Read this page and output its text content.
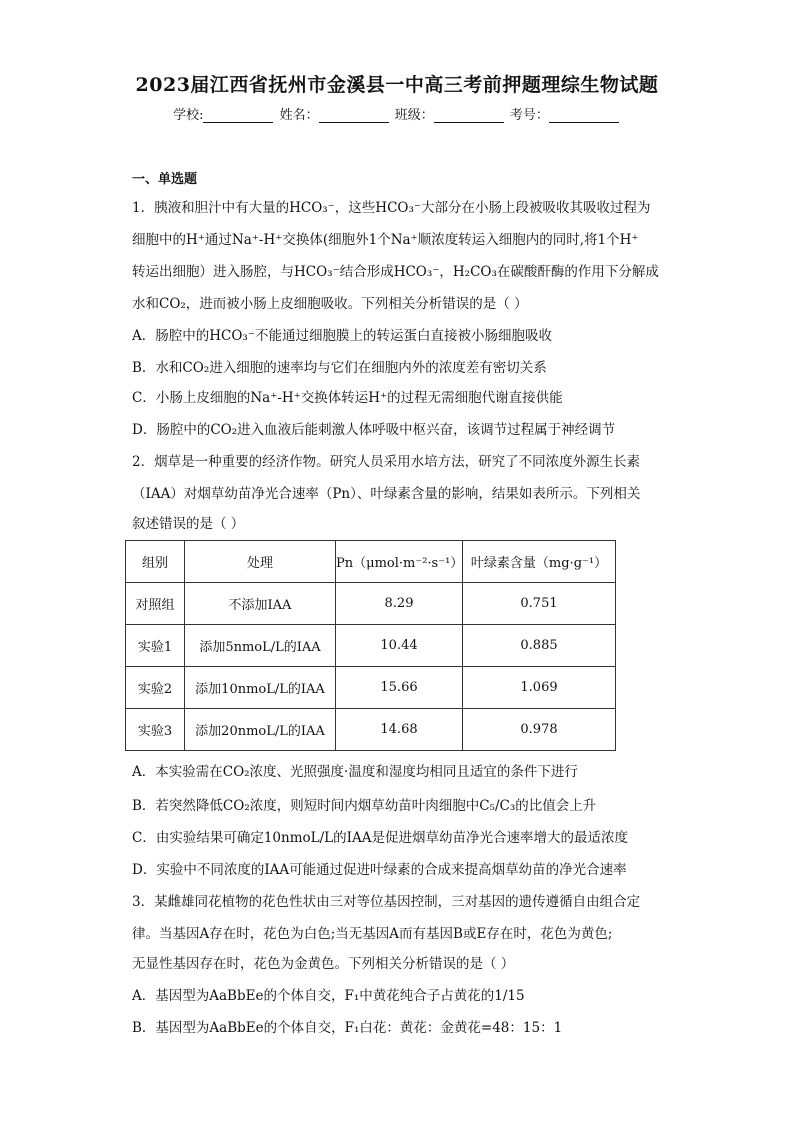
2023届江西省抚州市金溪县一中高三考前押题理综生物试题
学校:	姓名：	班级：	考号：
一、单选题
1．胰液和胆汁中有大量的HCO₃⁻，这些HCO₃⁻大部分在小肠上段被吸收其吸收过程为
细胞中的H⁺通过Na⁺-H⁺交换体(细胞外1个Na⁺顺浓度转运入细胞内的同时,将1个H⁺
转运出细胞）进入肠腔，与HCO₃⁻结合形成HCO₃⁻，H₂CO₃在碳酸酐酶的作用下分解成
水和CO₂，进而被小肠上皮细胞吸收。下列相关分析错误的是（ ）
A．肠腔中的HCO₃⁻不能通过细胞膜上的转运蛋白直接被小肠细胞吸收
B．水和CO₂进入细胞的速率均与它们在细胞内外的浓度差有密切关系
C．小肠上皮细胞的Na⁺-H⁺交换体转运H⁺的过程无需细胞代谢直接供能
D．肠腔中的CO₂进入血液后能刺激人体呼吸中枢兴奋，该调节过程属于神经调节
2．烟草是一种重要的经济作物。研究人员采用水培方法，研究了不同浓度外源生长素
（IAA）对烟草幼苗净光合速率（Pn）、叶绿素含量的影响，结果如表所示。下列相关
叙述错误的是（ ）
组别	处理	Pn（μmol·m⁻²·s⁻¹）	叶绿素含量（mg·g⁻¹）
对照组	不添加IAA	8.29	0.751
实验1	添加5nmoL/L的IAA	10.44	0.885
实验2	添加10nmoL/L的IAA	15.66	1.069
实验3	添加20nmoL/L的IAA	14.68	0.978
A．本实验需在CO₂浓度、光照强度·温度和湿度均相同且适宜的条件下进行
B．若突然降低CO₂浓度，则短时间内烟草幼苗叶肉细胞中C₅/C₃的比值会上升
C．由实验结果可确定10nmoL/L的IAA是促进烟草幼苗净光合速率增大的最适浓度
D．实验中不同浓度的IAA可能通过促进叶绿素的合成来提高烟草幼苗的净光合速率
3．某雌雄同花植物的花色性状由三对等位基因控制，三对基因的遗传遵循自由组合定
律。当基因A存在时，花色为白色;当无基因A而有基因B或E存在时，花色为黄色;
无显性基因存在时，花色为金黄色。下列相关分析错误的是（ ）
A．基因型为AaBbEe的个体自交，F₁中黄花纯合子占黄花的1/15
B．基因型为AaBbEe的个体自交，F₁白花：黄花：金黄花=48：15：1
